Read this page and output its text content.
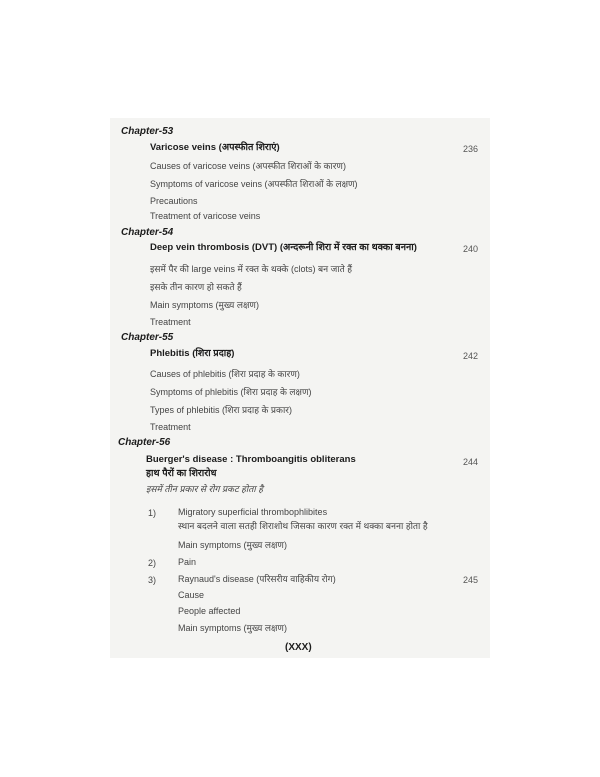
Chapter-53
Varicose veins (अपस्फीत शिराएं)	236
Causes of varicose veins (अपस्फीत शिराओं के कारण)
Symptoms of varicose veins (अपस्फीत शिराओं के लक्षण)
Precautions
Treatment of varicose veins
Chapter-54
Deep vein thrombosis (DVT) (अन्दरूनी शिरा में रक्त का थक्का बनना)	240
इसमें पैर की large veins में रक्त के थक्के (clots) बन जाते हैं
इसके तीन कारण हो सकते हैं
Main symptoms (मुख्य लक्षण)
Treatment
Chapter-55
Phlebitis (शिरा प्रदाह)	242
Causes of phlebitis (शिरा प्रदाह के कारण)
Symptoms of phlebitis (शिरा प्रदाह के लक्षण)
Types of phlebitis (शिरा प्रदाह के प्रकार)
Treatment
Chapter-56
Buerger's disease : Thromboangitis obliterans	244
हाथ पैरों का शिरारोध
इसमें तीन प्रकार से रोग प्रकट होता है
1) Migratory superficial thrombophlibites
स्थान बदलने वाला सतही शिराशोथ जिसका कारण रक्त में थक्का बनना होता है
Main symptoms (मुख्य लक्षण)
2) Pain
3) Raynaud's disease (परिसरीय वाहिकीय रोग)	245
Cause
People affected
Main symptoms (मुख्य लक्षण)
(XXX)
